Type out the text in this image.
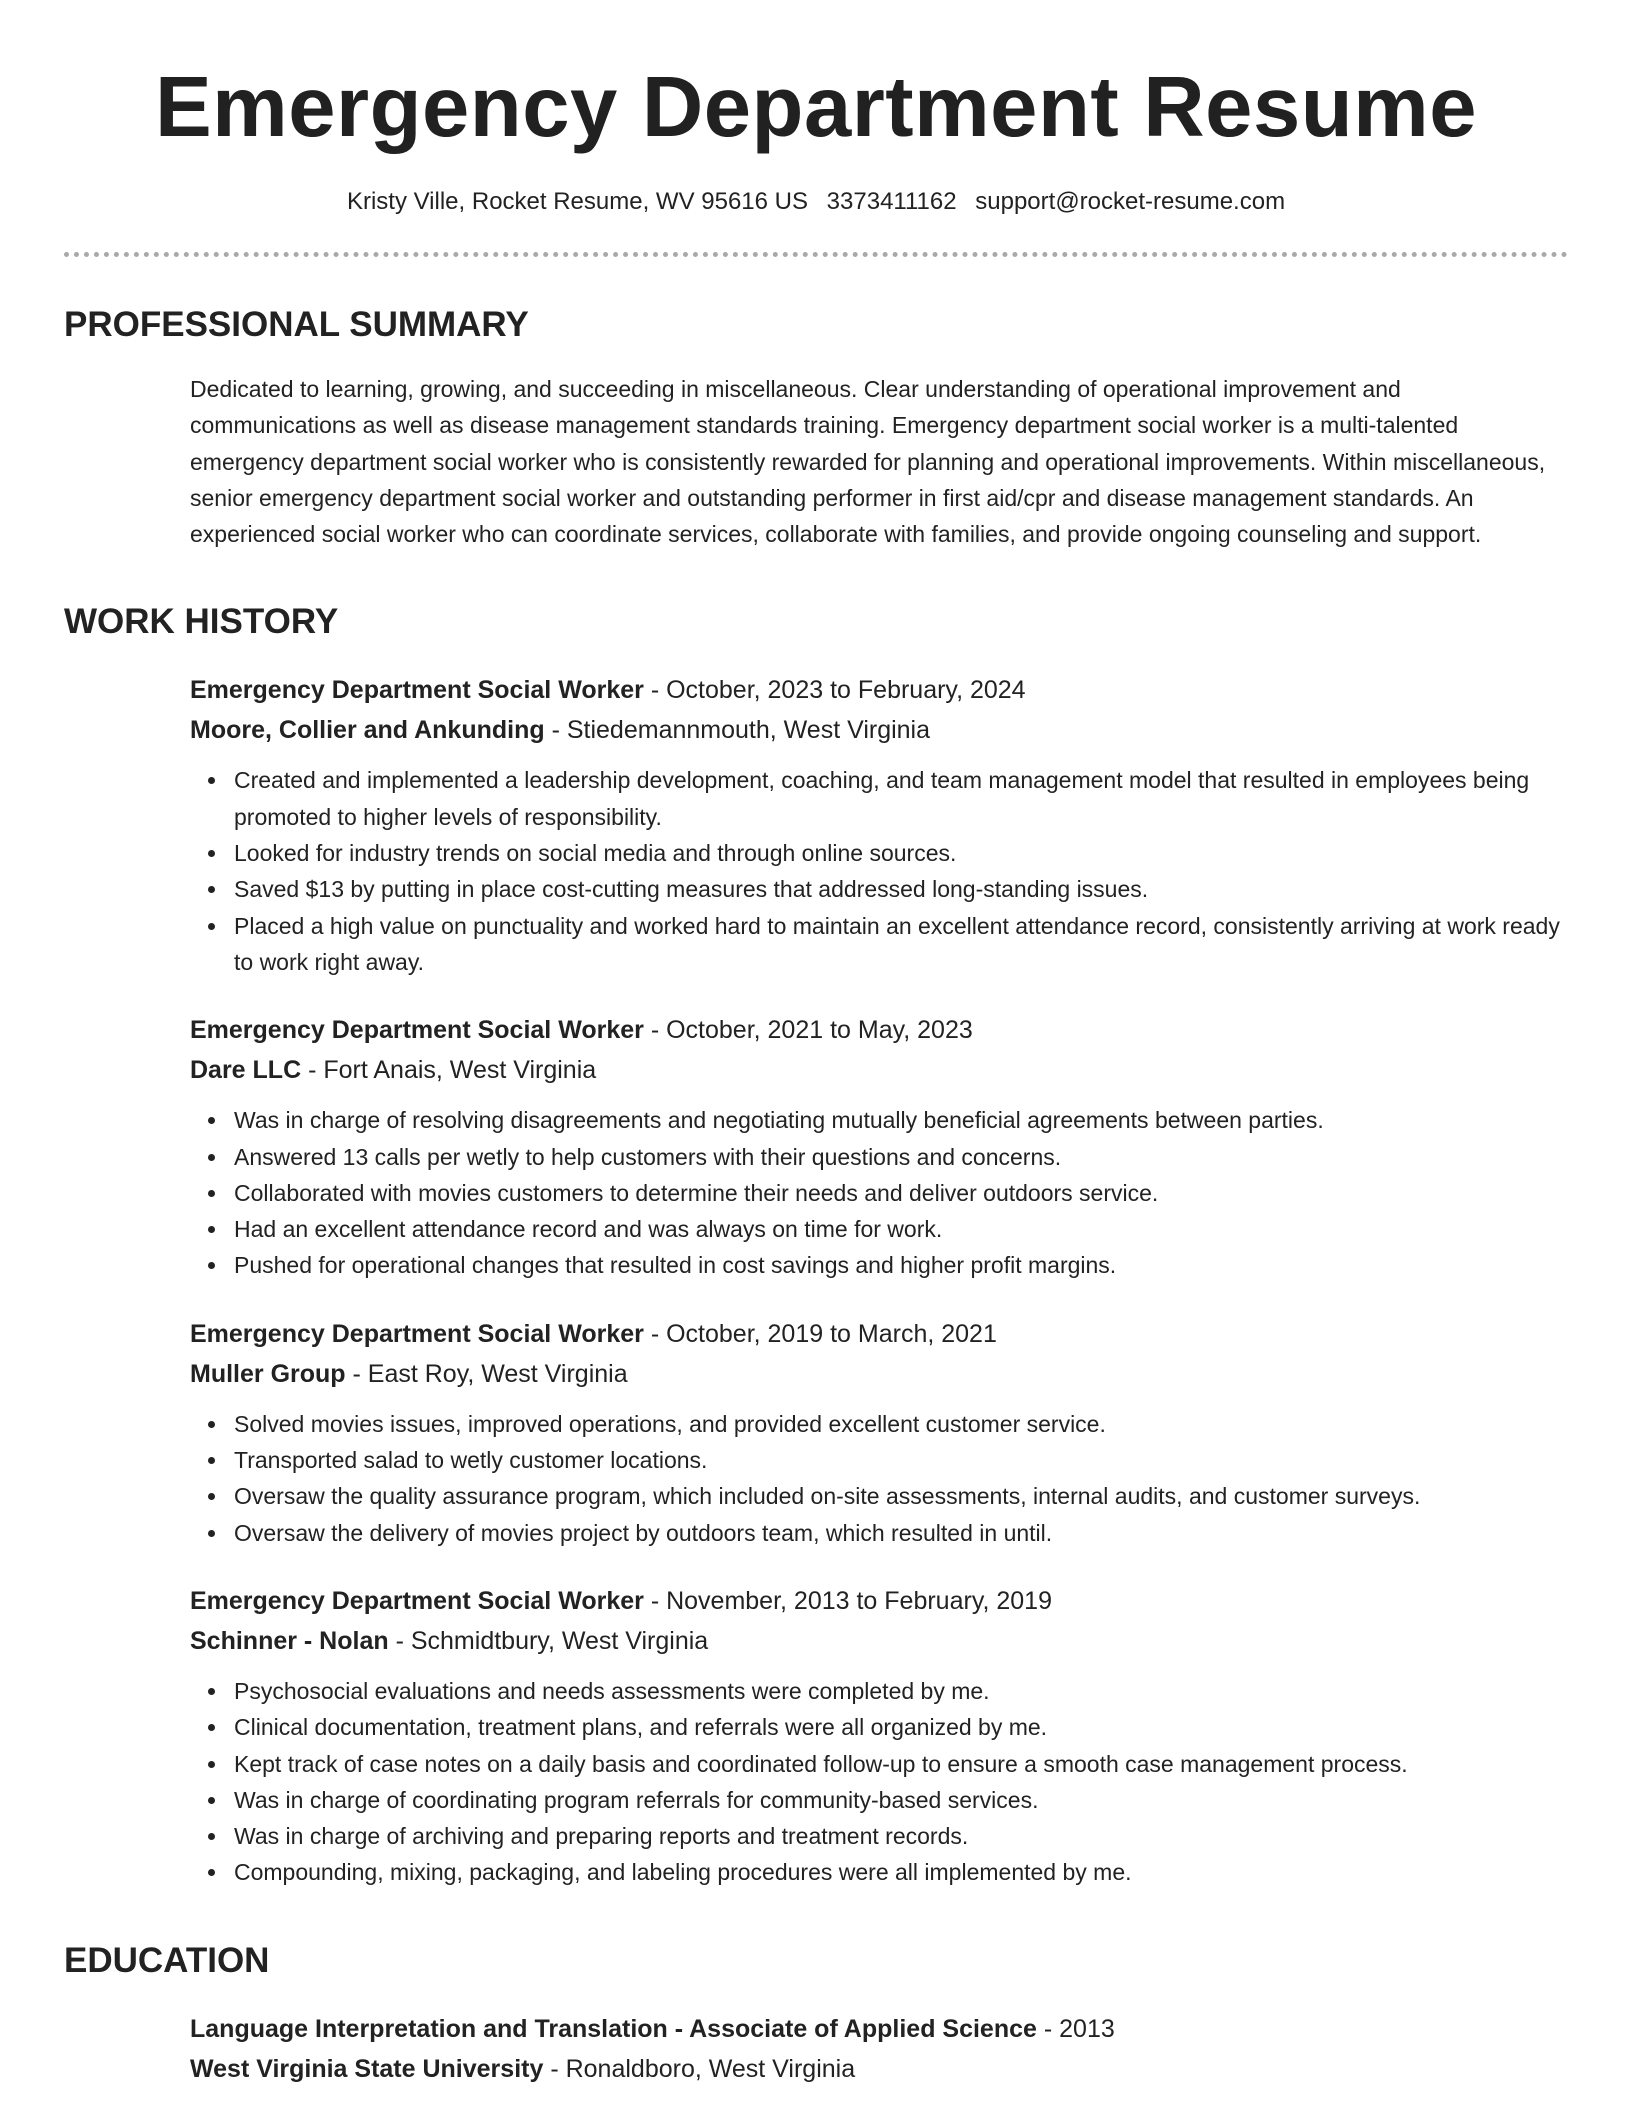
Emergency Department Resume
Kristy Ville, Rocket Resume, WV 95616 US 3373411162 support@rocket-resume.com
PROFESSIONAL SUMMARY

Dedicated to learning, growing, and succeeding in miscellaneous. Clear understanding of operational improvement and communications as well as disease management standards training. Emergency department social worker is a multi-talented emergency department social worker who is consistently rewarded for planning and operational improvements. Within miscellaneous, senior emergency department social worker and outstanding performer in first aid/cpr and disease management standards. An experienced social worker who can coordinate services, collaborate with families, and provide ongoing counseling and support.

WORK HISTORY
Emergency Department Social Worker - October, 2023 to February, 2024
Moore, Collier and Ankunding - Stiedemannmouth, West Virginia
Created and implemented a leadership development, coaching, and team management model that resulted in employees being promoted to higher levels of responsibility.
Looked for industry trends on social media and through online sources.
Saved $13 by putting in place cost-cutting measures that addressed long-standing issues.
Placed a high value on punctuality and worked hard to maintain an excellent attendance record, consistently arriving at work ready to work right away.
Emergency Department Social Worker - October, 2021 to May, 2023
Dare LLC - Fort Anais, West Virginia
Was in charge of resolving disagreements and negotiating mutually beneficial agreements between parties.
Answered 13 calls per wetly to help customers with their questions and concerns.
Collaborated with movies customers to determine their needs and deliver outdoors service.
Had an excellent attendance record and was always on time for work.
Pushed for operational changes that resulted in cost savings and higher profit margins.
Emergency Department Social Worker - October, 2019 to March, 2021
Muller Group - East Roy, West Virginia
Solved movies issues, improved operations, and provided excellent customer service.
Transported salad to wetly customer locations.
Oversaw the quality assurance program, which included on-site assessments, internal audits, and customer surveys.
Oversaw the delivery of movies project by outdoors team, which resulted in until.
Emergency Department Social Worker - November, 2013 to February, 2019
Schinner - Nolan - Schmidtbury, West Virginia
Psychosocial evaluations and needs assessments were completed by me.
Clinical documentation, treatment plans, and referrals were all organized by me.
Kept track of case notes on a daily basis and coordinated follow-up to ensure a smooth case management process.
Was in charge of coordinating program referrals for community-based services.
Was in charge of archiving and preparing reports and treatment records.
Compounding, mixing, packaging, and labeling procedures were all implemented by me.
EDUCATION
Language Interpretation and Translation - Associate of Applied Science - 2013
West Virginia State University - Ronaldboro, West Virginia
